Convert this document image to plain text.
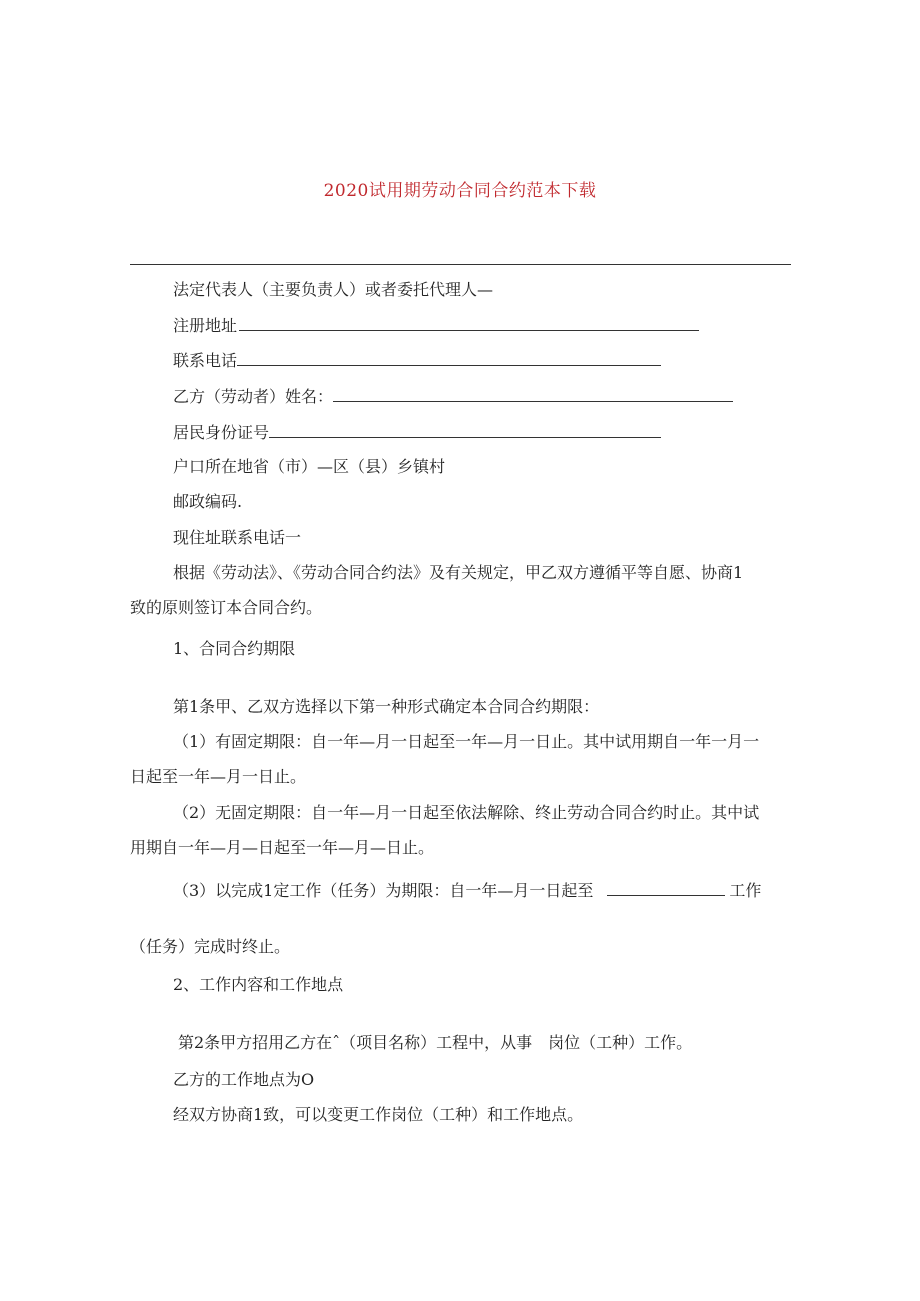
2020试用期劳动合同合约范本下载
法定代表人（主要负责人）或者委托代理人—
注册地址
联系电话
乙方（劳动者）姓名：
居民身份证号
户口所在地省（市）—区（县）乡镇村
邮政编码.
现住址联系电话一
根据《劳动法》、《劳动合同合约法》及有关规定，甲乙双方遵循平等自愿、协商1
致的原则签订本合同合约。
1、合同合约期限
第1条甲、乙双方选择以下第一种形式确定本合同合约期限：
（1）有固定期限：自一年—月一日起至一年—月一日止。其中试用期自一年一月一
日起至一年—月一日止。
（2）无固定期限：自一年—月一日起至依法解除、终止劳动合同合约时止。其中试
用期自一年—月—日起至一年—月—日止。
（3）以完成1定工作（任务）为期限：自一年—月一日起至	工作
（任务）完成时终止。
2、工作内容和工作地点
第2条甲方招用乙方在ˆ（项目名称）工程中，从事　岗位（工种）工作。
乙方的工作地点为O
经双方协商1致，可以变更工作岗位（工种）和工作地点。
